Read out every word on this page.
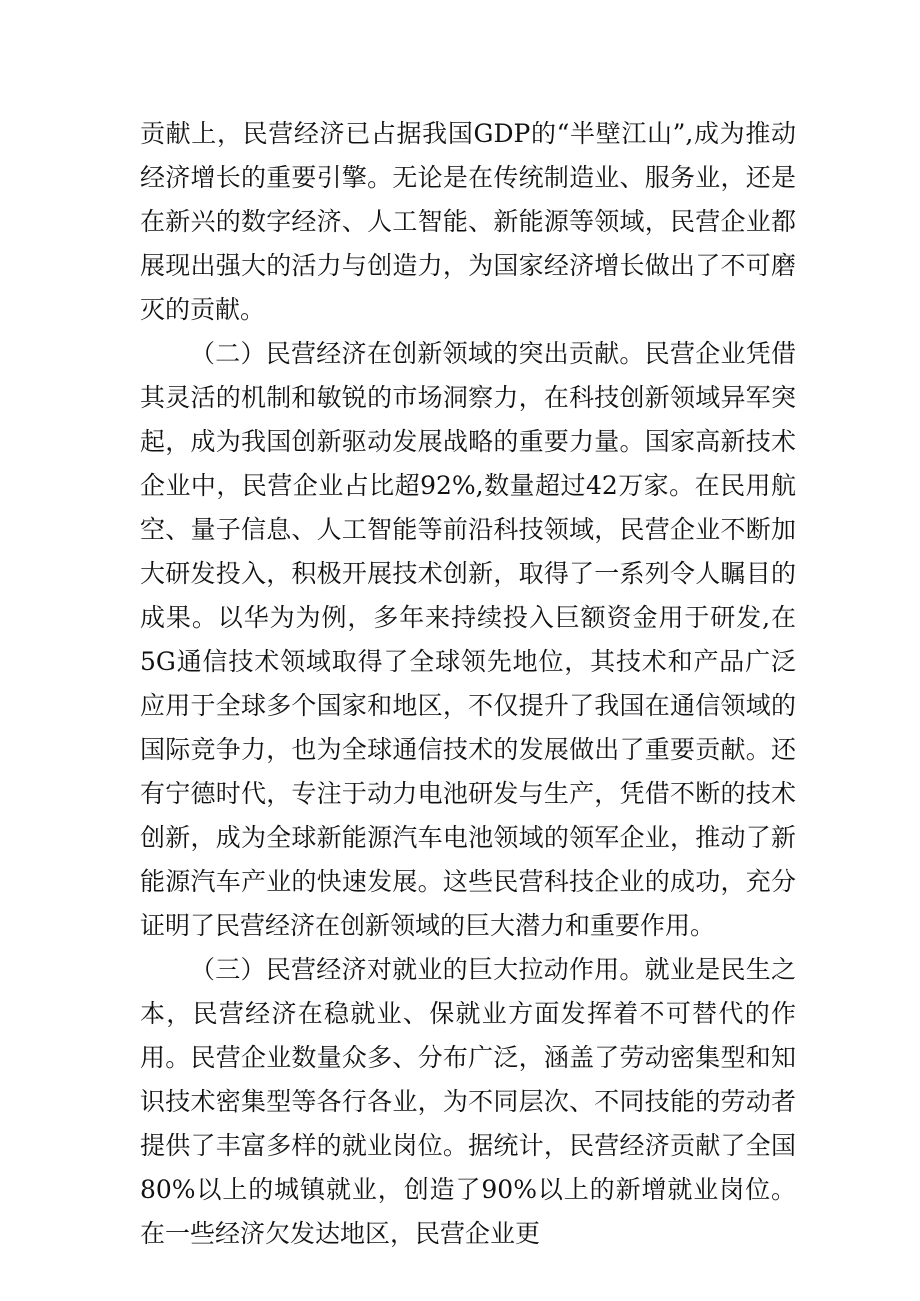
贡献上，民营经济已占据我国GDP的“半壁江山”,成为推动经济增长的重要引擎。无论是在传统制造业、服务业，还是在新兴的数字经济、人工智能、新能源等领域，民营企业都展现出强大的活力与创造力，为国家经济增长做出了不可磨灭的贡献。

（二）民营经济在创新领域的突出贡献。民营企业凭借其灵活的机制和敏锐的市场洞察力，在科技创新领域异军突起，成为我国创新驱动发展战略的重要力量。国家高新技术企业中，民营企业占比超92%,数量超过42万家。在民用航空、量子信息、人工智能等前沿科技领域，民营企业不断加大研发投入，积极开展技术创新，取得了一系列令人瞩目的成果。以华为为例，多年来持续投入巨额资金用于研发,在5G通信技术领域取得了全球领先地位，其技术和产品广泛应用于全球多个国家和地区，不仅提升了我国在通信领域的国际竞争力，也为全球通信技术的发展做出了重要贡献。还有宁德时代，专注于动力电池研发与生产，凭借不断的技术创新，成为全球新能源汽车电池领域的领军企业，推动了新能源汽车产业的快速发展。这些民营科技企业的成功，充分证明了民营经济在创新领域的巨大潜力和重要作用。

（三）民营经济对就业的巨大拉动作用。就业是民生之本，民营经济在稳就业、保就业方面发挥着不可替代的作用。民营企业数量众多、分布广泛，涵盖了劳动密集型和知识技术密集型等各行各业，为不同层次、不同技能的劳动者提供了丰富多样的就业岗位。据统计，民营经济贡献了全国80%以上的城镇就业，创造了90%以上的新增就业岗位。在一些经济欠发达地区，民营企业更
